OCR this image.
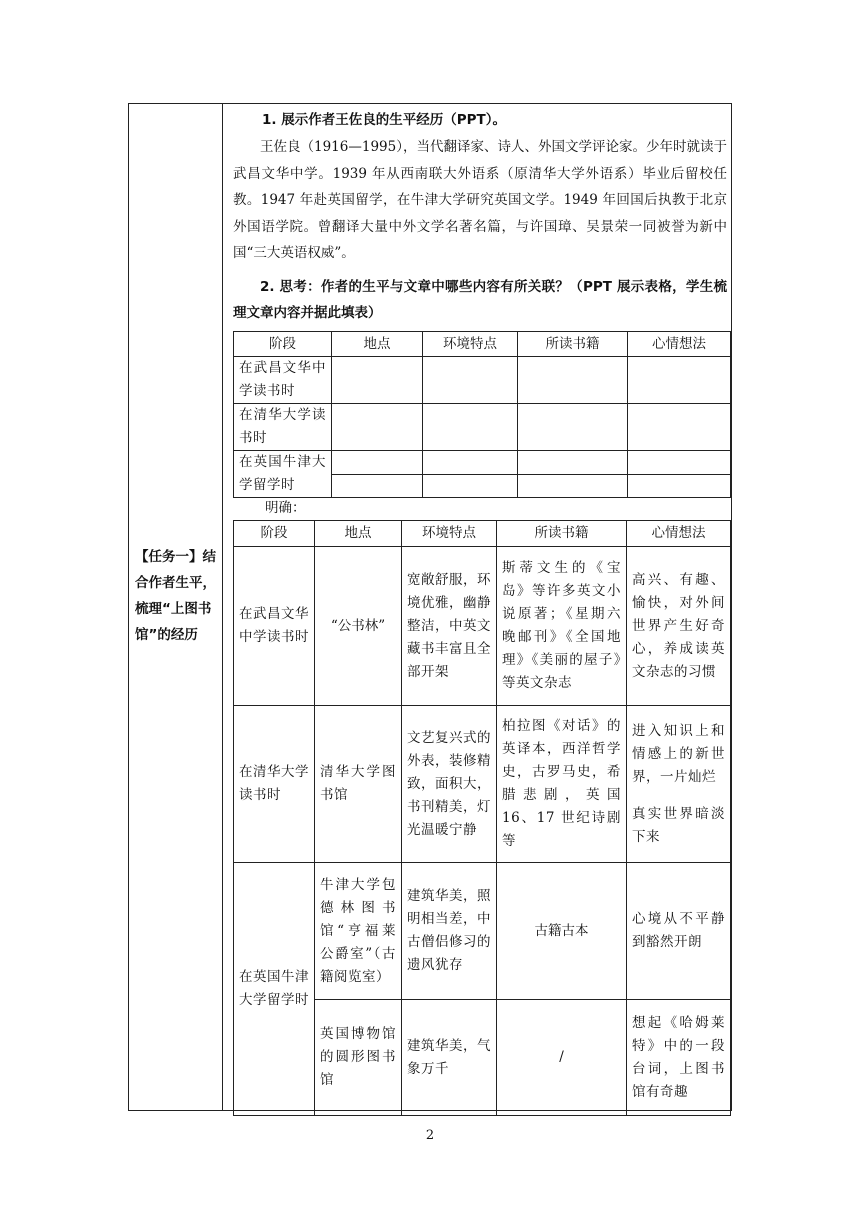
【任务一】结合作者生平，梳理“上图书馆”的经历
1. 展示作者王佐良的生平经历（PPT）。
王佐良（1916—1995），当代翻译家、诗人、外国文学评论家。少年时就读于武昌文华中学。1939 年从西南联大外语系（原清华大学外语系）毕业后留校任教。1947 年赴英国留学，在牛津大学研究英国文学。1949 年回国后执教于北京外国语学院。曾翻译大量中外文学名著名篇，与许国璋、吴景荣一同被誉为新中国“三大英语权威”。
2. 思考：作者的生平与文章中哪些内容有所关联？（PPT 展示表格，学生梳理文章内容并据此填表）
阶段	地点	环境特点	所读书籍	心情想法
在武昌文华中学读书时				
在清华大学读书时				
在英国牛津大学留学时				

明确：
阶段	地点	环境特点	所读书籍	心情想法
在武昌文华中学读书时	“公书林”	宽敞舒服，环境优雅，幽静整洁，中英文藏书丰富且全部开架	斯蒂文生的《宝岛》等许多英文小说原著；《星期六晚邮刊》《全国地理》《美丽的屋子》等英文杂志	高兴、有趣、愉快，对外间世界产生好奇心，养成读英文杂志的习惯
在清华大学读书时	清华大学图书馆	文艺复兴式的外表，装修精致，面积大，书刊精美，灯光温暖宁静	柏拉图《对话》的英译本，西洋哲学史，古罗马史，希腊悲剧，英国 16、17 世纪诗剧等	进入知识上和情感上的新世界，一片灿烂
真实世界暗淡下来

在英国牛津大学留学时	牛津大学包德林图书馆“亨福莱公爵室”（古籍阅览室）	建筑华美，照明相当差，中古僧侣修习的遗风犹存	古籍古本	心境从不平静到豁然开朗
	英国博物馆的圆形图书馆	建筑华美，气象万千	/	想起《哈姆莱特》中的一段台词，上图书馆有奇趣
2
